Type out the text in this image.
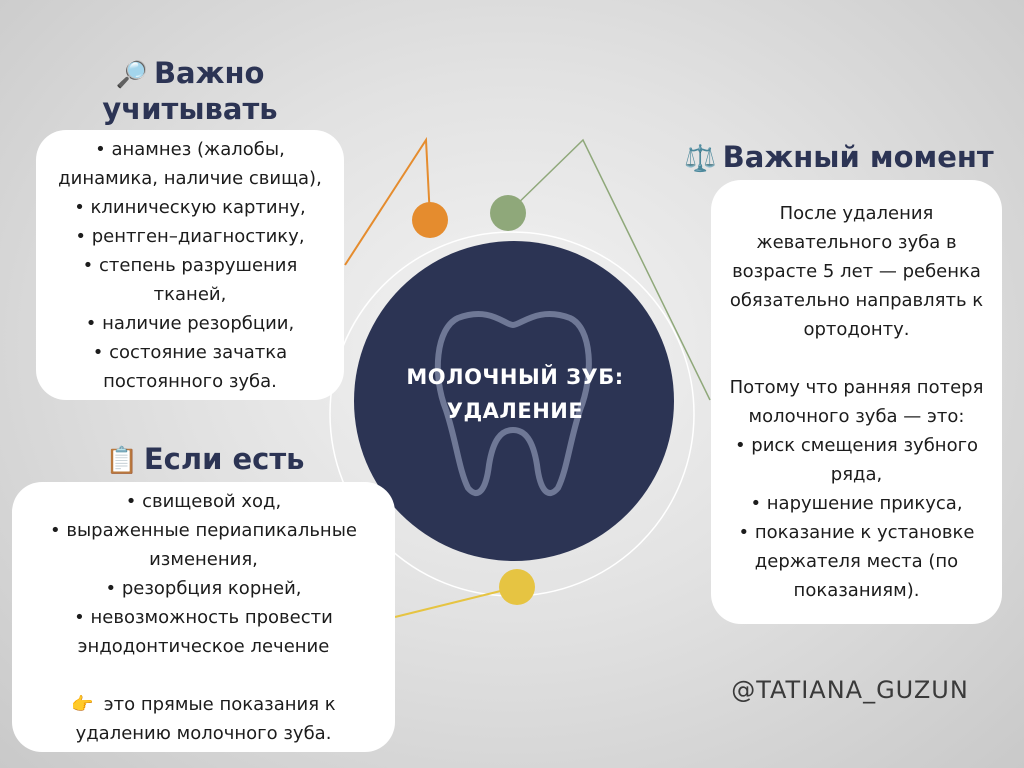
МОЛОЧНЫЙ ЗУБ:
УДАЛЕНИЕ
🔎 Важно
учитывать

• анамнез (жалобы,

динамика, наличие свища),

• клиническую картину,

• рентген–диагностику,

• степень разрушения

тканей,

• наличие резорбции,

• состояние зачатка

постоянного зуба.

📋 Если есть

• свищевой ход,

• выраженные периапикальные

изменения,

• резорбция корней,

• невозможность провести

эндодонтическое лечение

👉 это прямые показания к

удалению молочного зуба.

⚖️ Важный момент

После удаления

жевательного зуба в

возрасте 5 лет — ребенка

обязательно направлять к

ортодонту.

Потому что ранняя потеря

молочного зуба — это:

• риск смещения зубного

ряда,

• нарушение прикуса,

• показание к установке

держателя места (по

показаниям).

@TATIANA_GUZUN
